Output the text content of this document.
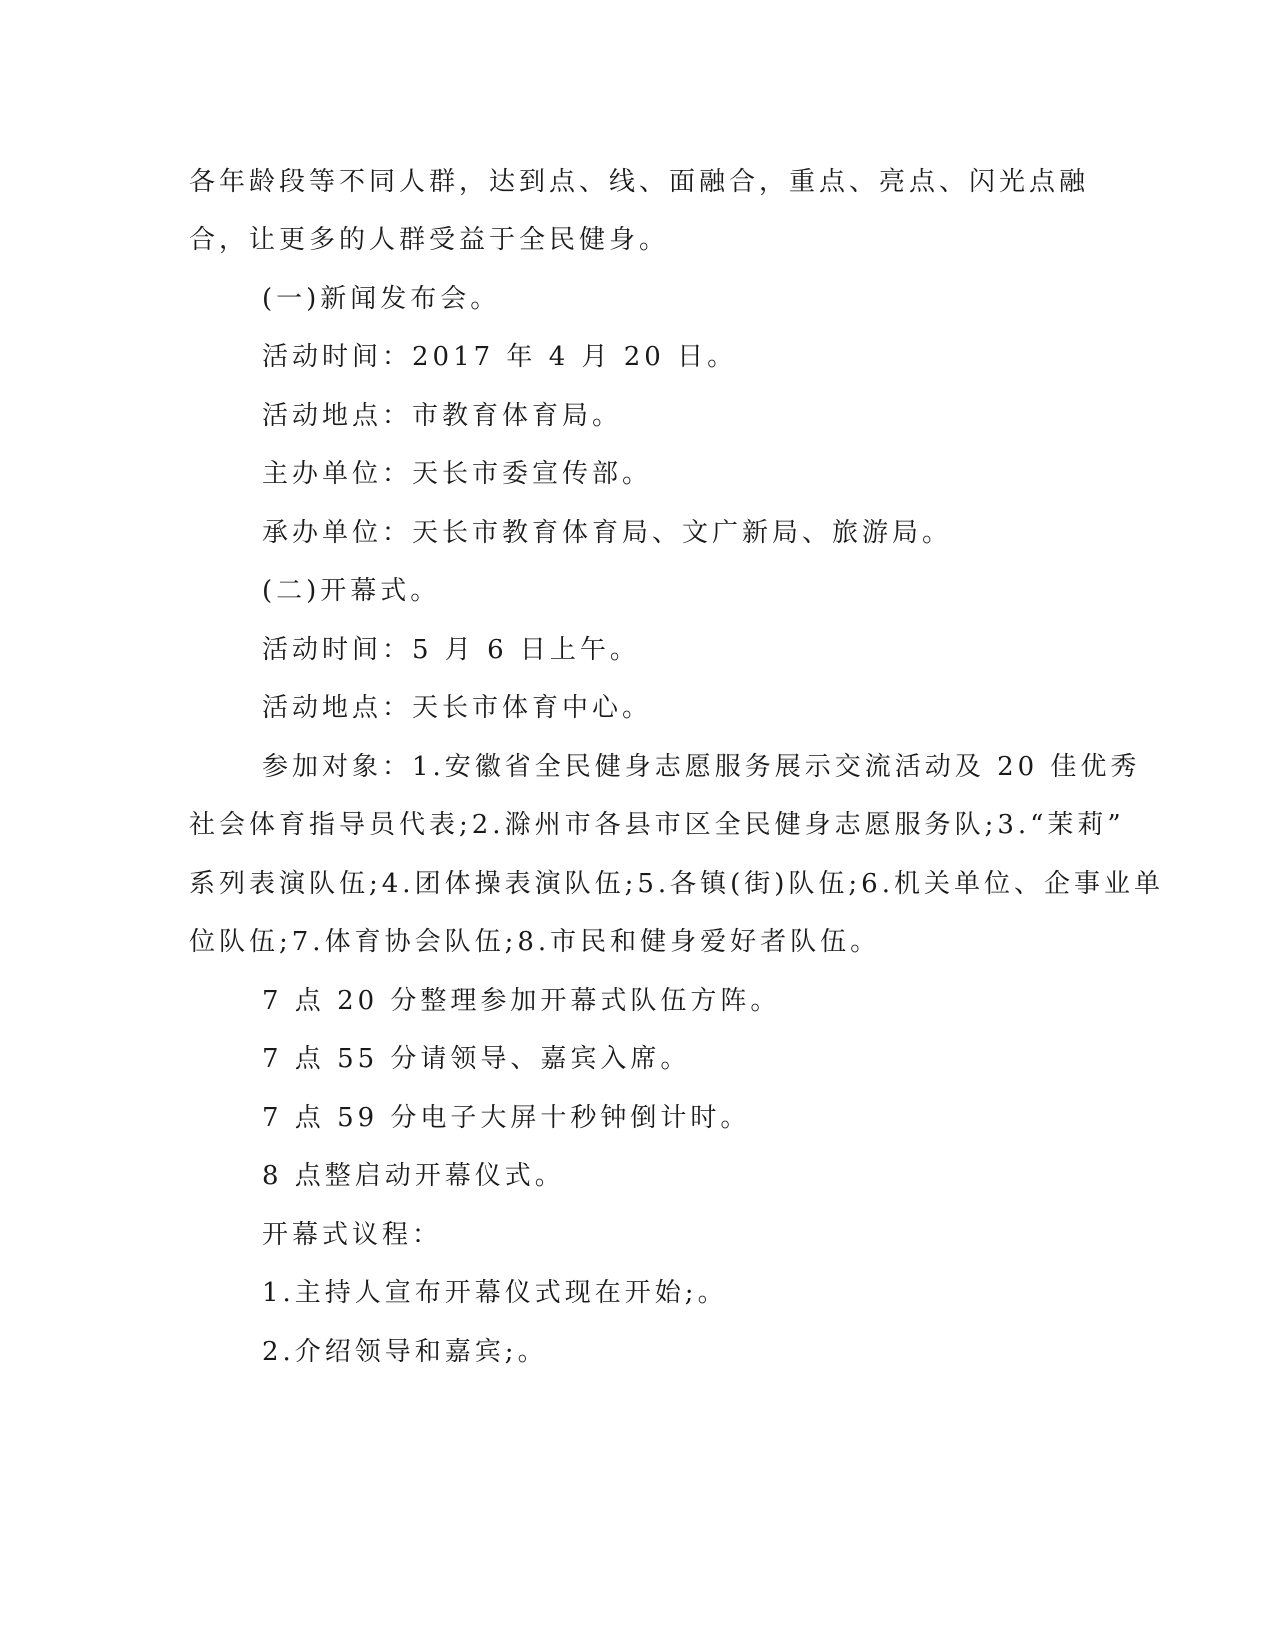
各年龄段等不同人群，达到点、线、面融合，重点、亮点、闪光点融
合，让更多的人群受益于全民健身。
(一)新闻发布会。
活动时间：2017 年 4 月 20 日。
活动地点：市教育体育局。
主办单位：天长市委宣传部。
承办单位：天长市教育体育局、文广新局、旅游局。
(二)开幕式。
活动时间：5 月 6 日上午。
活动地点：天长市体育中心。
参加对象：1.安徽省全民健身志愿服务展示交流活动及 20 佳优秀
社会体育指导员代表;2.滁州市各县市区全民健身志愿服务队;3.“茉莉”
系列表演队伍;4.团体操表演队伍;5.各镇(街)队伍;6.机关单位、企事业单
位队伍;7.体育协会队伍;8.市民和健身爱好者队伍。
7 点 20 分整理参加开幕式队伍方阵。
7 点 55 分请领导、嘉宾入席。
7 点 59 分电子大屏十秒钟倒计时。
8 点整启动开幕仪式。
开幕式议程：
1.主持人宣布开幕仪式现在开始;。
2.介绍领导和嘉宾;。
